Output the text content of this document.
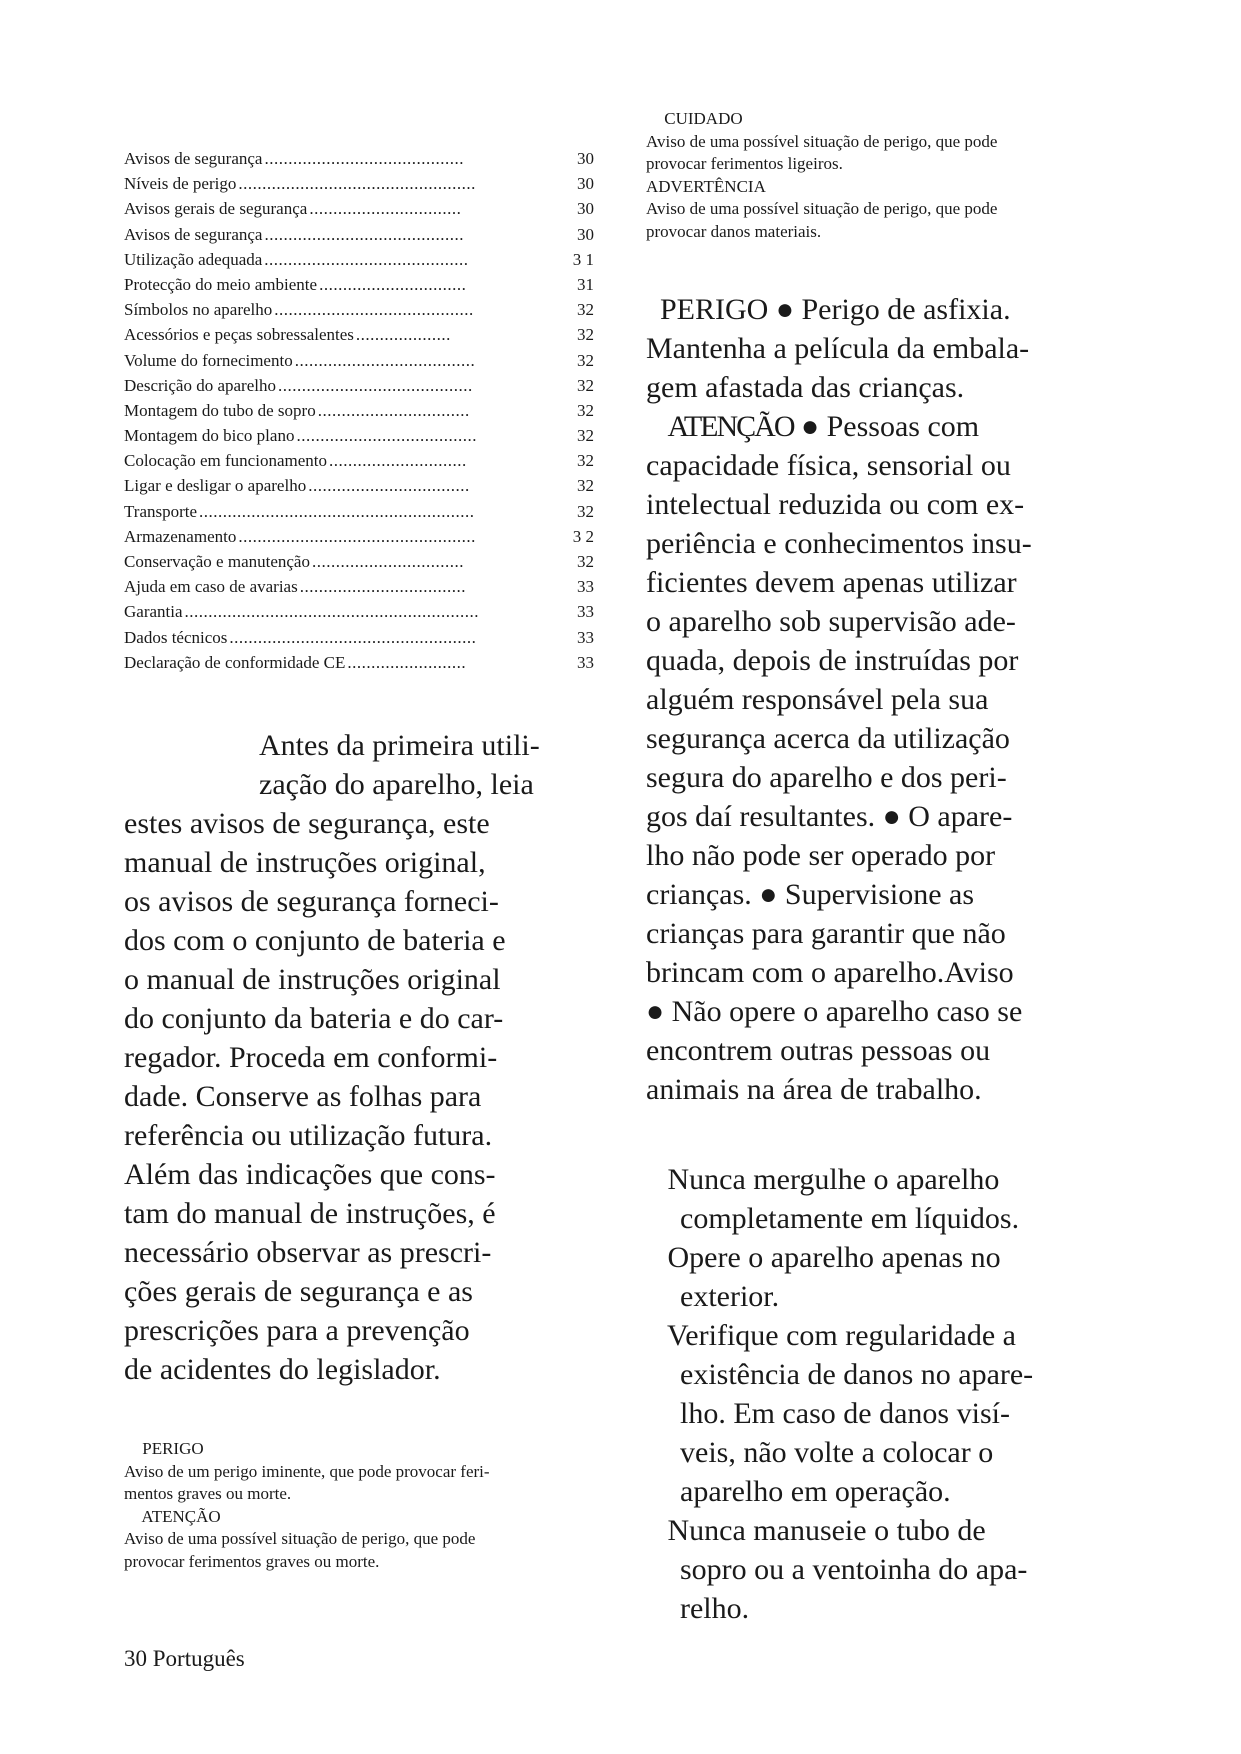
Avisos de segurança ..........................................	30
Níveis de perigo ..................................................	30
Avisos gerais de segurança ................................	30
Avisos de segurança ..........................................	30
Utilização adequada ...........................................	3 1
Protecção do meio ambiente ...............................	31
Símbolos no aparelho ..........................................	32
Acessórios e peças sobressalentes ....................	32
Volume do fornecimento ......................................	32
Descrição do aparelho .........................................	32
Montagem do tubo de sopro ................................	32
Montagem do bico plano ......................................	32
Colocação em funcionamento .............................	32
Ligar e desligar o aparelho ..................................	32
Transporte ..........................................................	32
Armazenamento ..................................................	3 2
Conservação e manutenção ................................	32
Ajuda em caso de avarias ...................................	33
Garantia ..............................................................	33
Dados técnicos ....................................................	33
Declaração de conformidade CE .........................	33

Antes da primeira utili-
zação do aparelho, leia
estes avisos de segurança, este
manual de instruções original,
os avisos de segurança forneci-
dos com o conjunto de bateria e
o manual de instruções original
do conjunto da bateria e do car-
regador. Proceda em conformi-
dade. Conserve as folhas para
referência ou utilização futura.
Além das indicações que cons-
tam do manual de instruções, é
necessário observar as prescri-
ções gerais de segurança e as
prescrições para a prevenção
de acidentes do legislador.

PERIGO
Aviso de um perigo iminente, que pode provocar feri-
mentos graves ou morte.
ATENÇÃO
Aviso de uma possível situação de perigo, que pode
provocar ferimentos graves ou morte.
CUIDADO
Aviso de uma possível situação de perigo, que pode
provocar ferimentos ligeiros.
ADVERTÊNCIA
Aviso de uma possível situação de perigo, que pode
provocar danos materiais.

PERIGO ● Perigo de asfixia.
Mantenha a película da embala-
gem afastada das crianças.
ATENÇÃO ● Pessoas com
capacidade física, sensorial ou
intelectual reduzida ou com ex-
periência e conhecimentos insu-
ficientes devem apenas utilizar
o aparelho sob supervisão ade-
quada, depois de instruídas por
alguém responsável pela sua
segurança acerca da utilização
segura do aparelho e dos peri-
gos daí resultantes. ● O apare-
lho não pode ser operado por
crianças. ● Supervisione as
crianças para garantir que não
brincam com o aparelho.Aviso
● Não opere o aparelho caso se
encontrem outras pessoas ou
animais na área de trabalho.

Nunca mergulhe o aparelho
completamente em líquidos.
Opere o aparelho apenas no
exterior.
Verifique com regularidade a
existência de danos no apare-
lho. Em caso de danos visí-
veis, não volte a colocar o
aparelho em operação.
Nunca manuseie o tubo de
sopro ou a ventoinha do apa-
relho.
30 Português
